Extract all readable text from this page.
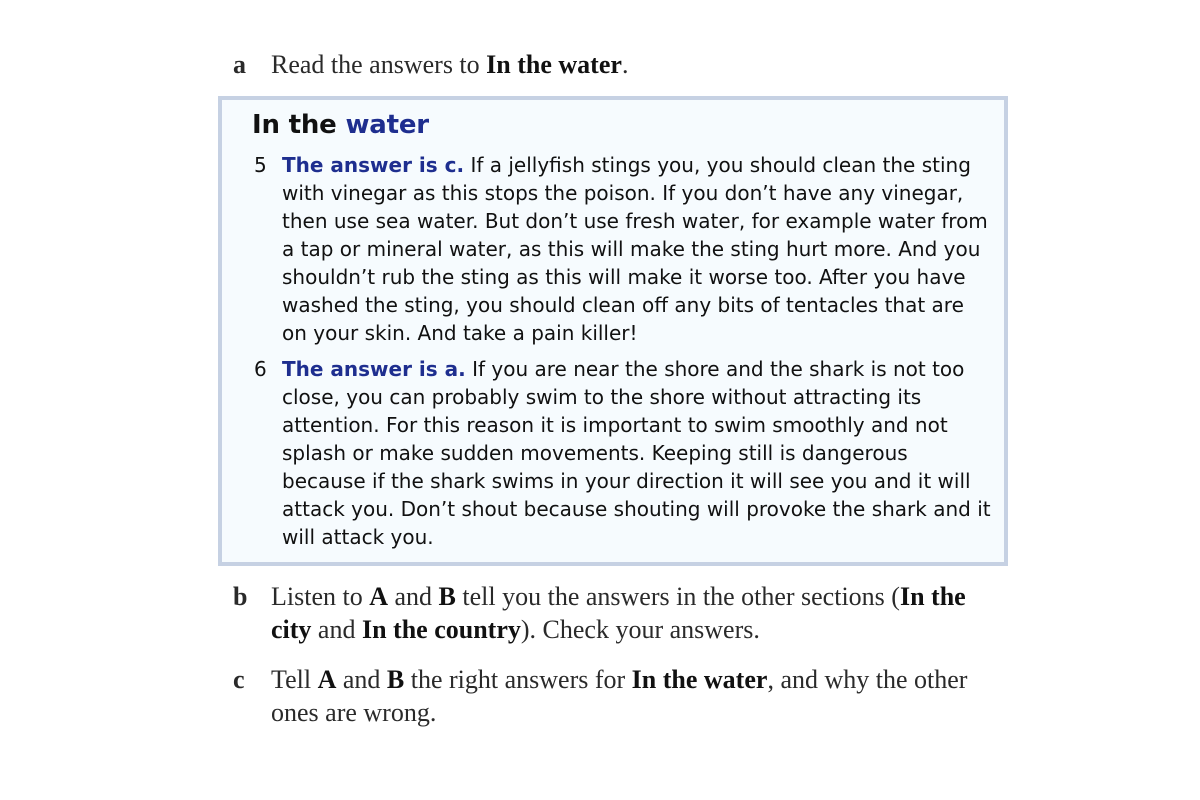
a Read the answers to In the water.
In the water
5 The answer is c. If a jellyfish stings you, you should clean the sting with vinegar as this stops the poison. If you don’t have any vinegar, then use sea water. But don’t use fresh water, for example water from a tap or mineral water, as this will make the sting hurt more. And you shouldn’t rub the sting as this will make it worse too. After you have washed the sting, you should clean off any bits of tentacles that are on your skin. And take a pain killer!
6 The answer is a. If you are near the shore and the shark is not too close, you can probably swim to the shore without attracting its attention. For this reason it is important to swim smoothly and not splash or make sudden movements. Keeping still is dangerous because if the shark swims in your direction it will see you and it will attack you. Don’t shout because shouting will provoke the shark and it will attack you.
b Listen to A and B tell you the answers in the other sections (In the city and In the country). Check your answers.
c Tell A and B the right answers for In the water, and why the other ones are wrong.
